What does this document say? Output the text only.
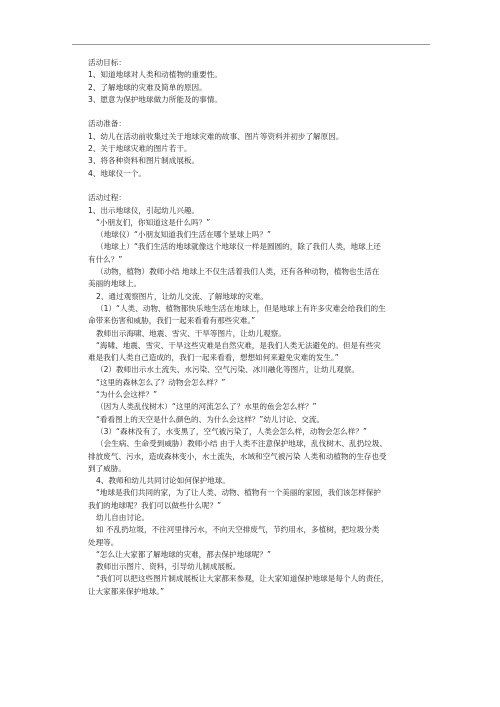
活动目标：
1、知道地球对人类和动植物的重要性。
2、了解地球的灾难及简单的原因。
3、愿意为保护地球做力所能及的事情。
活动准备：
1、幼儿在活动前收集过关于地球灾难的故事、图片等资料并初步了解原因。
2、关于地球灾难的图片若干。
3、将各种资料和图片制成展板。
4、地球仪一个。
活动过程：
1、出示地球仪，引起幼儿兴趣。
“小朋友们，你知道这是什么吗？”
（地球仪）“小朋友知道我们生活在哪个星球上吗？”
（地球上）“我们生活的地球就像这个地球仪一样是圆圆的，除了我们人类，地球上还
有什么？”
（动物，植物）教师小结 地球上不仅生活着我们人类，还有各种动物，植物也生活在
美丽的地球上。
2、通过观察图片，让幼儿交流、了解地球的灾难。
（1）“人类、动物、植物都快乐地生活在地球上，但是地球上有许多灾难会给我们的生
命带来伤害和威胁，我们一起来看看有那些灾难。”
教师出示海啸、地震、雪灾、干旱等图片，让幼儿观察。
“海啸、地震、雪灾、干旱这些灾难是自然灾难，是我们人类无法避免的。但是有些灾
难是我们人类自己造成的，我们一起来看看，想想如何来避免灾难的发生。”
（2）教师出示水土流失、水污染、空气污染、冰川融化等图片，让幼儿观察。
“这里的森林怎么了？动物会怎么样？”
“为什么会这样？”
（因为人类乱伐树木）“这里的河流怎么了？水里的鱼会怎么样？”
“看看图上的天空是什么颜色的、为什么会这样？”幼儿讨论、交流。
（3）“森林没有了，水变黑了，空气被污染了，人类会怎么样，动物会怎么样？”
（会生病、生命受到威胁）教师小结 由于人类不注意保护地球，乱伐树木、乱扔垃圾、
排放废气、污水，造成森林变小，水土流失，水域和空气被污染 人类和动植物的生存也受
到了威胁。
4、教师和幼儿共同讨论如何保护地球。
“地球是我们共同的家，为了让人类、动物、植物有一个美丽的家园，我们该怎样保护
我们的地球呢？我们可以做些什么呢？”
幼儿自由讨论。
如 不乱扔垃圾，不往河里排污水，不向天空排废气，节约用水，多植树，把垃圾分类
处理等。
“怎么让大家都了解地球的灾难，都去保护地球呢？”
教师出示图片、资料，引导幼儿制成展板。
“我们可以把这些图片制成展板让大家都来参观，让大家知道保护地球是每个人的责任，
让大家都来保护地球。”
